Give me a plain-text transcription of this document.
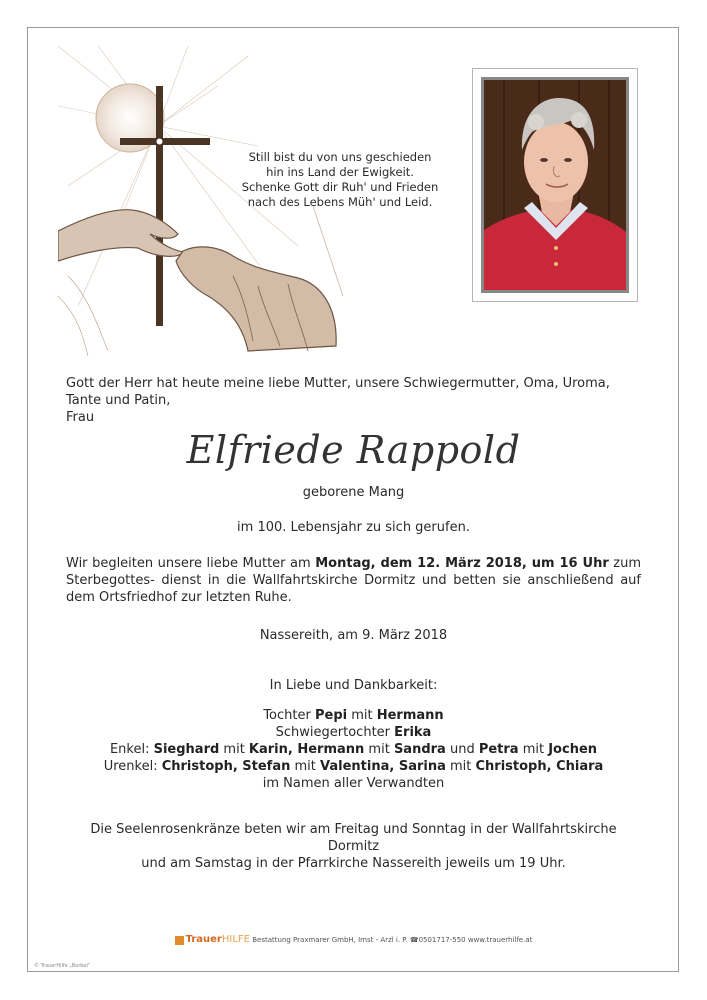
Still bist du von uns geschieden
hin ins Land der Ewigkeit.
Schenke Gott dir Ruh' und Frieden
nach des Lebens Müh' und Leid.
Gott der Herr hat heute meine liebe Mutter, unsere Schwiegermutter, Oma, Uroma, Tante und Patin,
Frau
Elfriede Rappold
geborene Mang
im 100. Lebensjahr zu sich gerufen.
Wir begleiten unsere liebe Mutter am Montag, dem 12. März 2018, um 16 Uhr zum Sterbegottes- dienst in die Wallfahrtskirche Dormitz und betten sie anschließend auf dem Ortsfriedhof zur letzten Ruhe.
Nassereith, am 9. März 2018
In Liebe und Dankbarkeit:
Tochter Pepi mit Hermann
Schwiegertochter Erika
Enkel: Sieghard mit Karin, Hermann mit Sandra und Petra mit Jochen
Urenkel: Christoph, Stefan mit Valentina, Sarina mit Christoph, Chiara
im Namen aller Verwandten
Die Seelenrosenkränze beten wir am Freitag und Sonntag in der Wallfahrtskirche Dormitz
und am Samstag in der Pfarrkirche Nassereith jeweils um 19 Uhr.
TrauerHILFE Bestattung Praxmarer GmbH, Imst - Arzl i. P. ☎0501717-550 www.trauerhilfe.at
© TrauerHilfe „Borbel“
